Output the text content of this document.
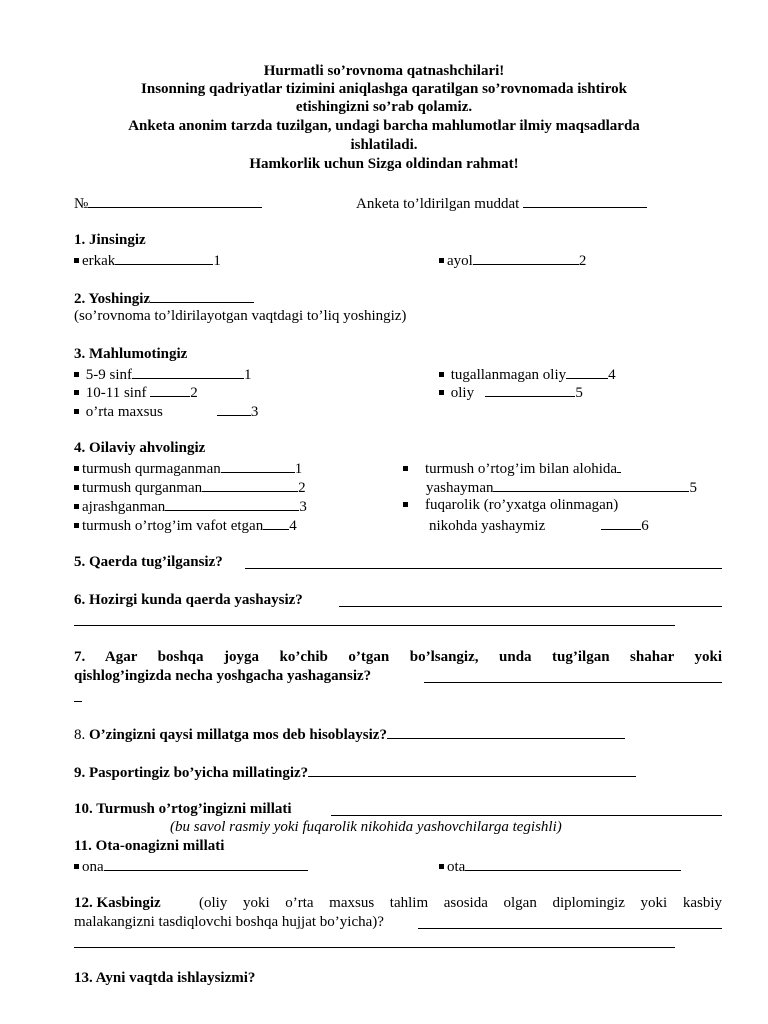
Hurmatli so’rovnoma qatnashchilari!
Insonning qadriyatlar tizimini aniqlashga qaratilgan so’rovnomada ishtirok
etishingizni so’rab qolamiz.
Anketa anonim tarzda tuzilgan, undagi barcha mahlumotlar ilmiy maqsadlarda
ishlatiladi.
Hamkorlik uchun Sizga oldindan rahmat!
№	Anketa to’ldirilgan muddat
1. Jinsingiz
erkak	1	ayol	2
2. Yoshingiz
(so’rovnoma to’ldirilayotgan vaqtdagi to’liq yoshingiz)
3. Mahlumotingiz
5-9 sinf	1
10-11 sinf	2
o’rta maxsus	3
tugallanmagan oliy	4
oliy	5
4. Oilaviy ahvolingiz
turmush qurmaganman	1
turmush qurganman	2
ajrashganman	3
turmush o’rtog’im vafot etgan 4
turmush o’rtog’im bilan alohida
yashayman	5
fuqarolik (ro’yxatga olinmagan)
nikohda yashaymiz	6
5. Qaerda tug’ilgansiz?
6. Hozirgi kunda qaerda yashaysiz?
7. Agar boshqa joyga ko’chib o’tgan bo’lsangiz, unda tug’ilgan shahar yoki
qishlog’ingizda necha yoshgacha yashagansiz?
8. O’zingizni qaysi millatga mos deb hisoblaysiz?
9. Pasportingiz bo’yicha millatingiz?
10. Turmush o’rtog’ingizni millati
(bu savol rasmiy yoki fuqarolik nikohida yashovchilarga tegishli)
11. Ota-onagizni millati
ona	ota
12. Kasbingiz	(oliy yoki o’rta maxsus tahlim asosida olgan diplomingiz yoki kasbiy
malakangizni tasdiqlovchi boshqa hujjat bo’yicha)?
13. Ayni vaqtda ishlaysizmi?
